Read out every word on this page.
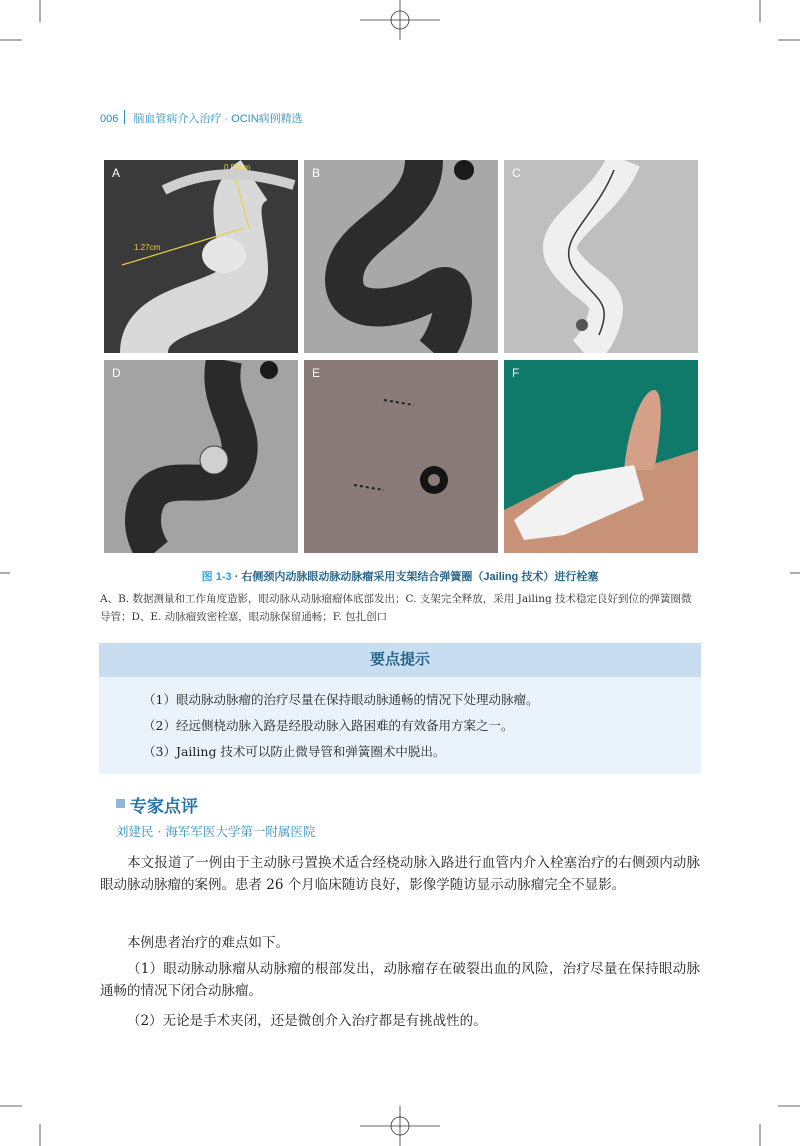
006 脑血管病介入治疗 · OCIN病例精选
1.27cm
0.53cm
A	B	C
D	E	F
图 1-3 · 右侧颈内动脉眼动脉动脉瘤采用支架结合弹簧圈（Jailing 技术）进行栓塞
A、B. 数据测量和工作角度造影，眼动脉从动脉瘤瘤体底部发出；C. 支架完全释放，采用 Jailing 技术稳定良好到位的弹簧圈微导管；D、E. 动脉瘤致密栓塞，眼动脉保留通畅；F. 包扎创口
要点提示
（1）眼动脉动脉瘤的治疗尽量在保持眼动脉通畅的情况下处理动脉瘤。
（2）经远侧桡动脉入路是经股动脉入路困难的有效备用方案之一。
（3）Jailing 技术可以防止微导管和弹簧圈术中脱出。
专家点评
刘建民 · 海军军医大学第一附属医院
本文报道了一例由于主动脉弓置换术适合经桡动脉入路进行血管内介入栓塞治疗的右侧颈内动脉眼动脉动脉瘤的案例。患者 26 个月临床随访良好，影像学随访显示动脉瘤完全不显影。
本例患者治疗的难点如下。
（1）眼动脉动脉瘤从动脉瘤的根部发出，动脉瘤存在破裂出血的风险，治疗尽量在保持眼动脉通畅的情况下闭合动脉瘤。
（2）无论是手术夹闭，还是微创介入治疗都是有挑战性的。
